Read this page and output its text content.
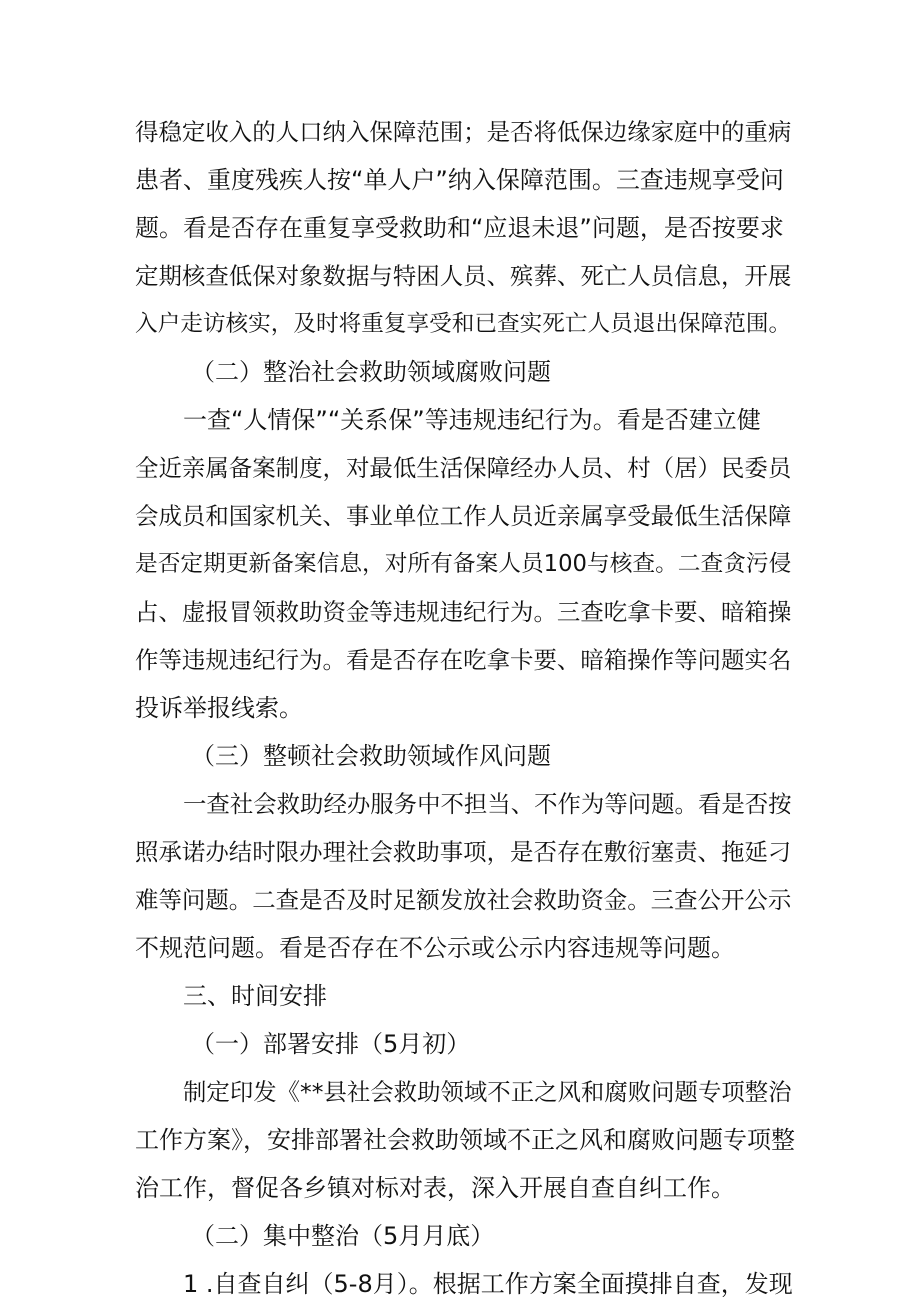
得稳定收入的人口纳入保障范围；是否将低保边缘家庭中的重病
患者、重度残疾人按“单人户”纳入保障范围。三查违规享受问
题。看是否存在重复享受救助和“应退未退”问题，是否按要求
定期核查低保对象数据与特困人员、殡葬、死亡人员信息，开展
入户走访核实，及时将重复享受和已查实死亡人员退出保障范围。
（二）整治社会救助领域腐败问题
一查“人情保”“关系保”等违规违纪行为。看是否建立健
全近亲属备案制度，对最低生活保障经办人员、村（居）民委员
会成员和国家机关、事业单位工作人员近亲属享受最低生活保障
是否定期更新备案信息，对所有备案人员100与核查。二查贪污侵
占、虚报冒领救助资金等违规违纪行为。三查吃拿卡要、暗箱操
作等违规违纪行为。看是否存在吃拿卡要、暗箱操作等问题实名
投诉举报线索。
（三）整顿社会救助领域作风问题
一查社会救助经办服务中不担当、不作为等问题。看是否按
照承诺办结时限办理社会救助事项，是否存在敷衍塞责、拖延刁
难等问题。二查是否及时足额发放社会救助资金。三查公开公示
不规范问题。看是否存在不公示或公示内容违规等问题。
三、时间安排
（一）部署安排（5月初）
制定印发《**县社会救助领域不正之风和腐败问题专项整治
工作方案》，安排部署社会救助领域不正之风和腐败问题专项整
治工作，督促各乡镇对标对表，深入开展自查自纠工作。
（二）集中整治（5月月底）
1 .自查自纠（5-8月）。根据工作方案全面摸排自查，发现
